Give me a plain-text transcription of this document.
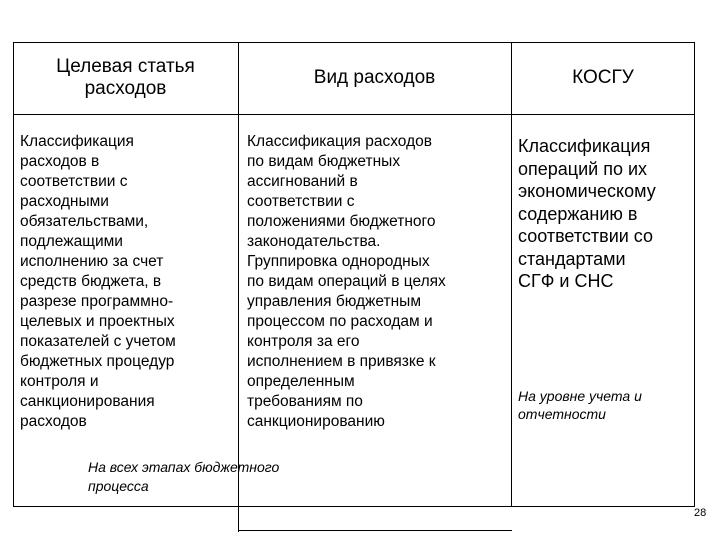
Целевая статья
расходов
Вид расходов	КОСГУ
Классификация
расходов в
соответствии с
расходными
обязательствами,
подлежащими
исполнению за счет
средств бюджета, в
разрезе программно-
целевых и проектных
показателей с учетом
бюджетных процедур
контроля и
санкционирования
расходов
Классификация расходов
по видам бюджетных
ассигнований в
соответствии с
положениями бюджетного
законодательства.
Группировка однородных
по видам операций в целях
управления бюджетным
процессом по расходам и
контроля за его
исполнением в привязке к
определенным
требованиям по
санкционированию
Классификация
операций по их
экономическому
содержанию в
соответствии со
стандартами
СГФ и СНС
На уровне учета и
отчетности
На всех этапах бюджетного
процесса
28
